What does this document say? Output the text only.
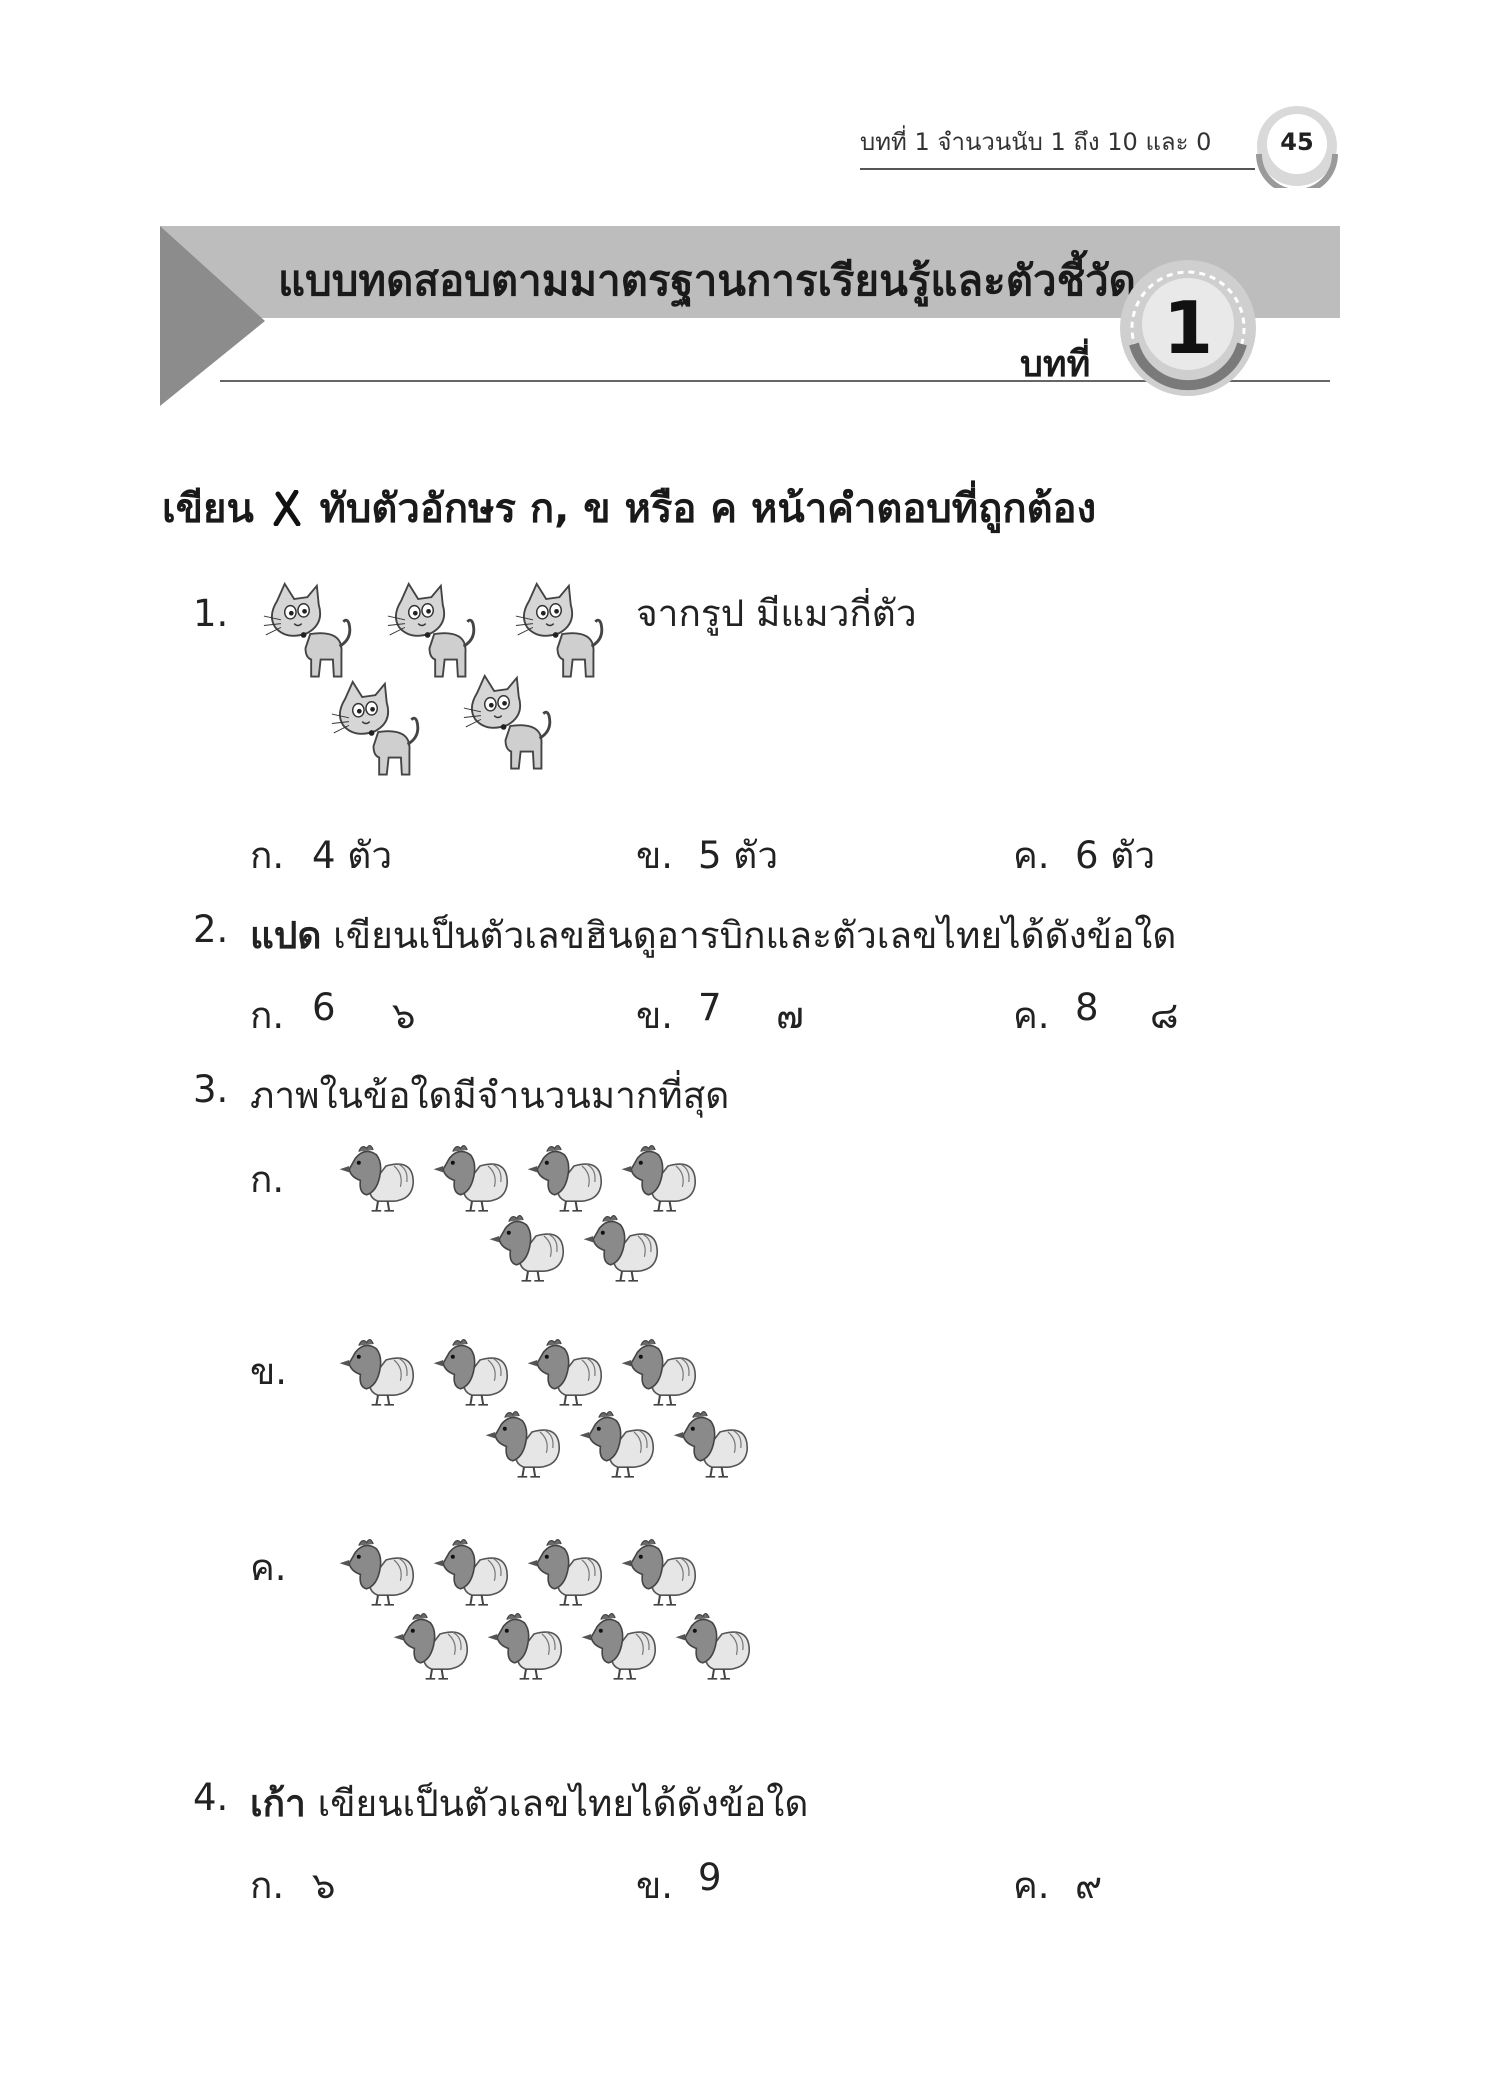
บทที่ 1 จำนวนนับ 1 ถึง 10 และ 0	45
แบบทดสอบตามมาตรฐานการเรียนรู้และตัวชี้วัด
บทที่	1
เขียน ทับตัวอักษร ก, ข หรือ ค หน้าคำตอบที่ถูกต้อง
1.	จากรูป มีแมวกี่ตัว
ก. 4 ตัว	ข. 5 ตัว	ค. 6 ตัว
2. แปด เขียนเป็นตัวเลขฮินดูอารบิกและตัวเลขไทยได้ดังข้อใด
ก. 6 ๖	ข. 7 ๗	ค. 8 ๘
3. ภาพในข้อใดมีจำนวนมากที่สุด
ก.
ข.
ค.
4. เก้า เขียนเป็นตัวเลขไทยได้ดังข้อใด
ก. ๖	ข. 9	ค. ๙
